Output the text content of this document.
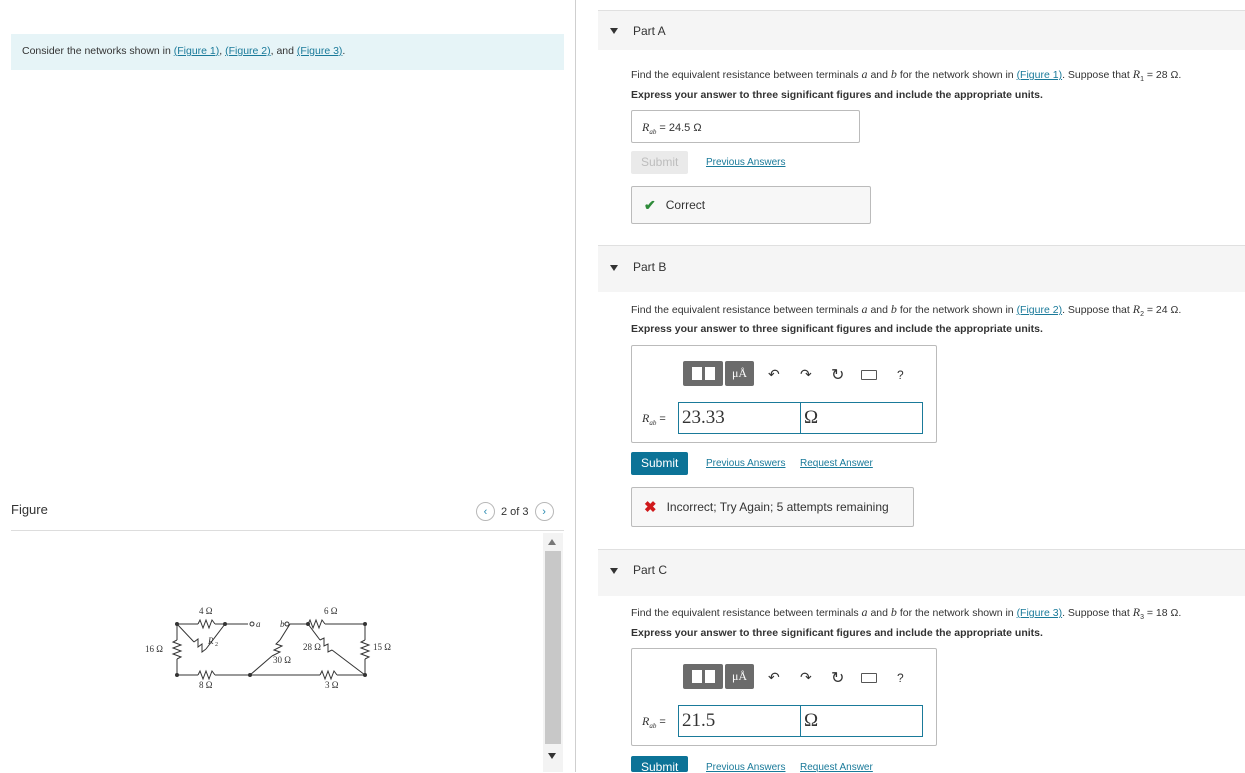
Consider the networks shown in (Figure 1), (Figure 2), and (Figure 3).
Figure	‹ 2 of 3 ›
4 Ω	6 Ω
16 Ω
R 2
30 Ω
28 Ω	15 Ω
8 Ω	3 Ω
a b
Part A
Find the equivalent resistance between terminals a and b for the network shown in (Figure 1). Suppose that $R_1 = 28$ Ω.
Express your answer to three significant figures and include the appropriate units.
$R_{ab} = 24.5$ Ω
Submit	Previous Answers
✔ Correct
Part B
Find the equivalent resistance between terminals a and b for the network shown in (Figure 2). Suppose that $R_2 = 24$ Ω.
Express your answer to three significant figures and include the appropriate units.
μÅ	↶ ↷ ↻	?
$R_{ab} = 23.33$	Ω
Submit	Previous Answers Request Answer
✖ Incorrect; Try Again; 5 attempts remaining
Part C
Find the equivalent resistance between terminals a and b for the network shown in (Figure 3). Suppose that $R_3 = 18$ Ω.
Express your answer to three significant figures and include the appropriate units.
μÅ	↶ ↷ ↻	?
$R_{ab} = 21.5$	Ω
Submit	Previous Answers Request Answer
